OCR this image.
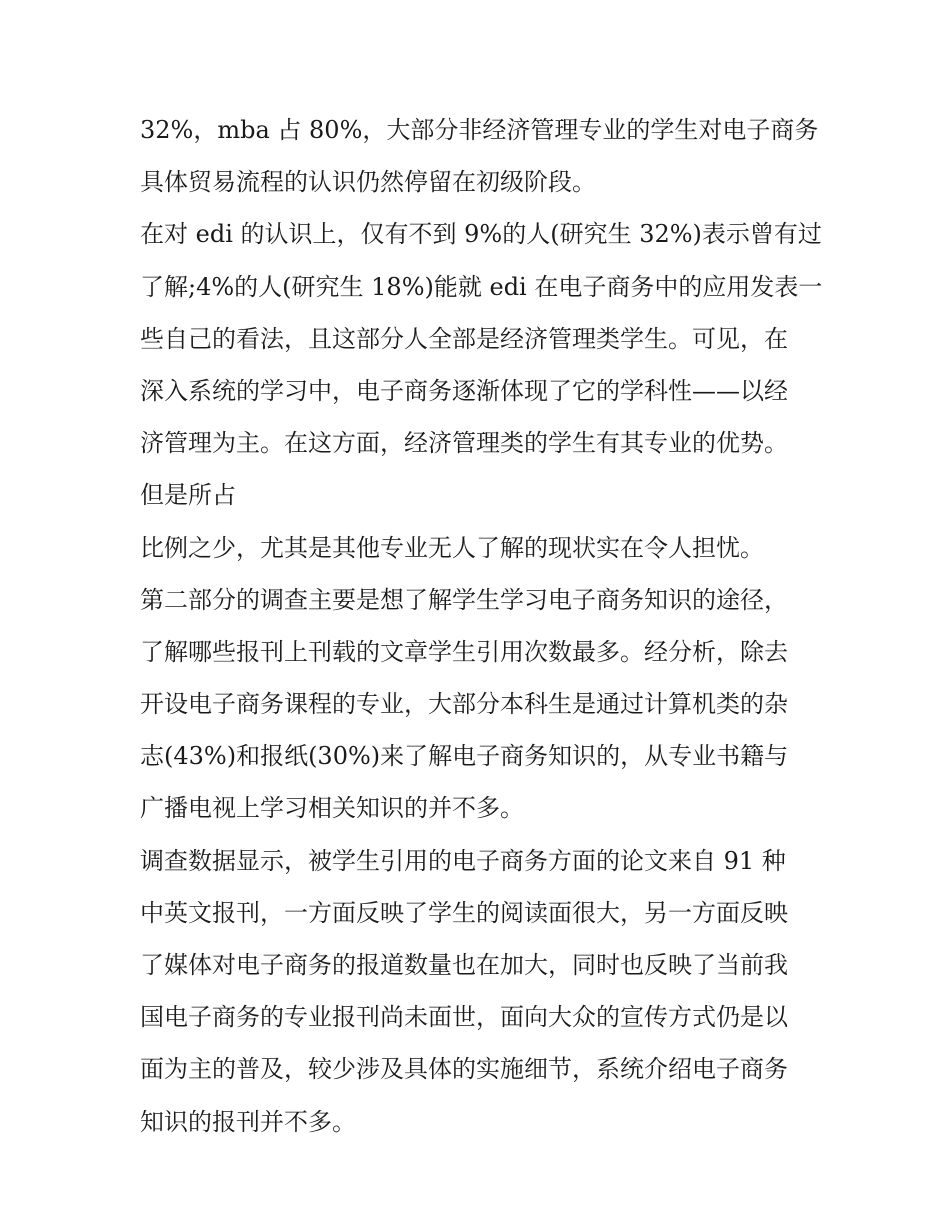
32%，mba 占 80%，大部分非经济管理专业的学生对电子商务
具体贸易流程的认识仍然停留在初级阶段。
在对 edi 的认识上，仅有不到 9%的人(研究生 32%)表示曾有过
了解;4%的人(研究生 18%)能就 edi 在电子商务中的应用发表一
些自己的看法，且这部分人全部是经济管理类学生。可见，在
深入系统的学习中，电子商务逐渐体现了它的学科性——以经
济管理为主。在这方面，经济管理类的学生有其专业的优势。
但是所占
比例之少，尤其是其他专业无人了解的现状实在令人担忧。
第二部分的调查主要是想了解学生学习电子商务知识的途径，
了解哪些报刊上刊载的文章学生引用次数最多。经分析，除去
开设电子商务课程的专业，大部分本科生是通过计算机类的杂
志(43%)和报纸(30%)来了解电子商务知识的，从专业书籍与
广播电视上学习相关知识的并不多。
调查数据显示，被学生引用的电子商务方面的论文来自 91 种
中英文报刊，一方面反映了学生的阅读面很大，另一方面反映
了媒体对电子商务的报道数量也在加大，同时也反映了当前我
国电子商务的专业报刊尚未面世，面向大众的宣传方式仍是以
面为主的普及，较少涉及具体的实施细节，系统介绍电子商务
知识的报刊并不多。
